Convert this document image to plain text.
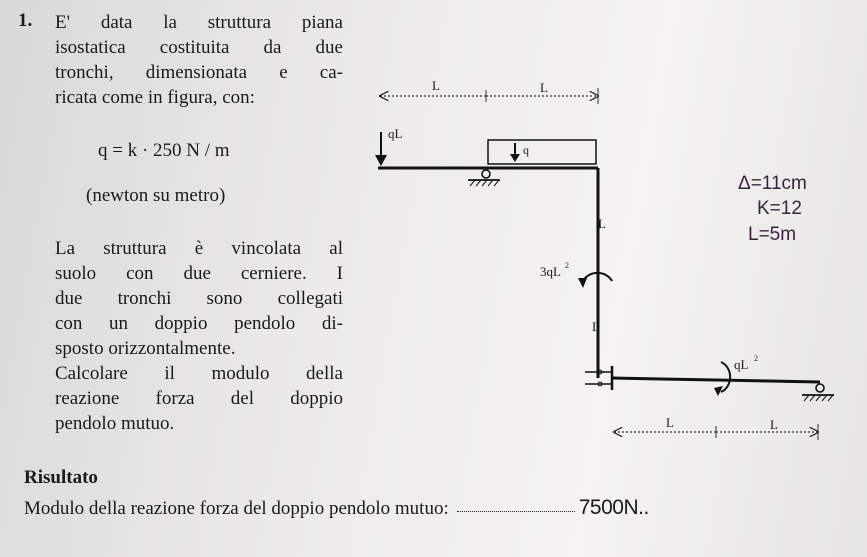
1. E' data la struttura piana
isostatica costituita da due
tronchi, dimensionata e ca-
ricata come in figura, con:
q = k · 250 N / m
(newton su metro)
La struttura è vincolata al
suolo con due cerniere. I
due tronchi sono collegati
con un doppio pendolo di-
sposto orizzontalmente.
Calcolare il modulo della
reazione forza del doppio
pendolo mutuo.
Δ=11cm
K=12
L=5m
Risultato
Modulo della reazione forza del doppio pendolo mutuo:	7500N..
L	L
qL
q
L
L
3qL 2
qL 2
L	L
